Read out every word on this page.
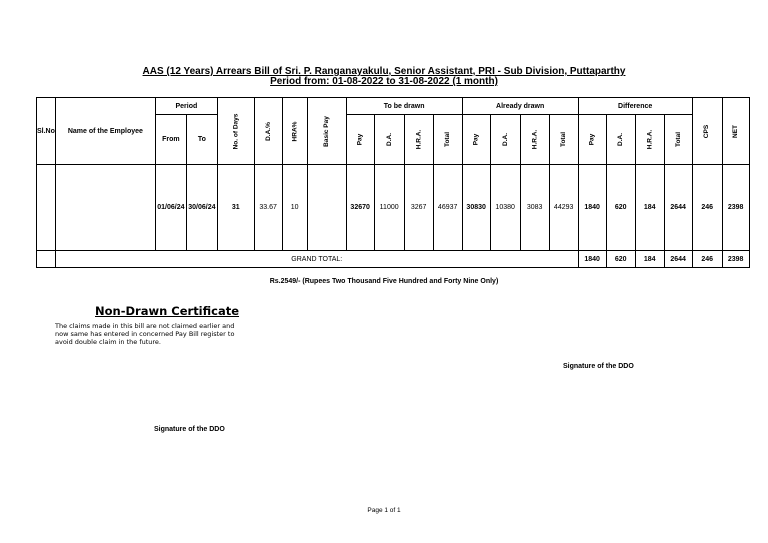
AAS (12 Years) Arrears Bill of Sri. P. Ranganayakulu, Senior Assistant, PRI - Sub Division, Puttaparthy
Period from: 01-08-2022 to 31-08-2022 (1 month)
Sl.No	Name of the Employee	Period		No. of Days	D.A.%	HRA%	Basic Pay	To be drawn				Already drawn				Difference				CPS	NET
		From	To					Pay	D.A.	H.R.A.	Total	Pay	D.A.	H.R.A.	Total	Pay	D.A.	H.R.A.	Total		
		01/06/24	30/06/24	31	33.67	10		32670	11000	3267	46937	30830	10380	3083	44293	1840	620	184	2644	246	2398
	GRAND TOTAL:															1840	620	184	2644	246	2398
Rs.2549/- (Rupees Two Thousand Five Hundred and Forty Nine Only)
Non-Drawn Certificate
The claims made in this bill are not claimed earlier and now same has entered in concerned Pay Bill register to avoid double claim in the future.
Signature of the DDO
Signature of the DDO
Page 1 of 1
